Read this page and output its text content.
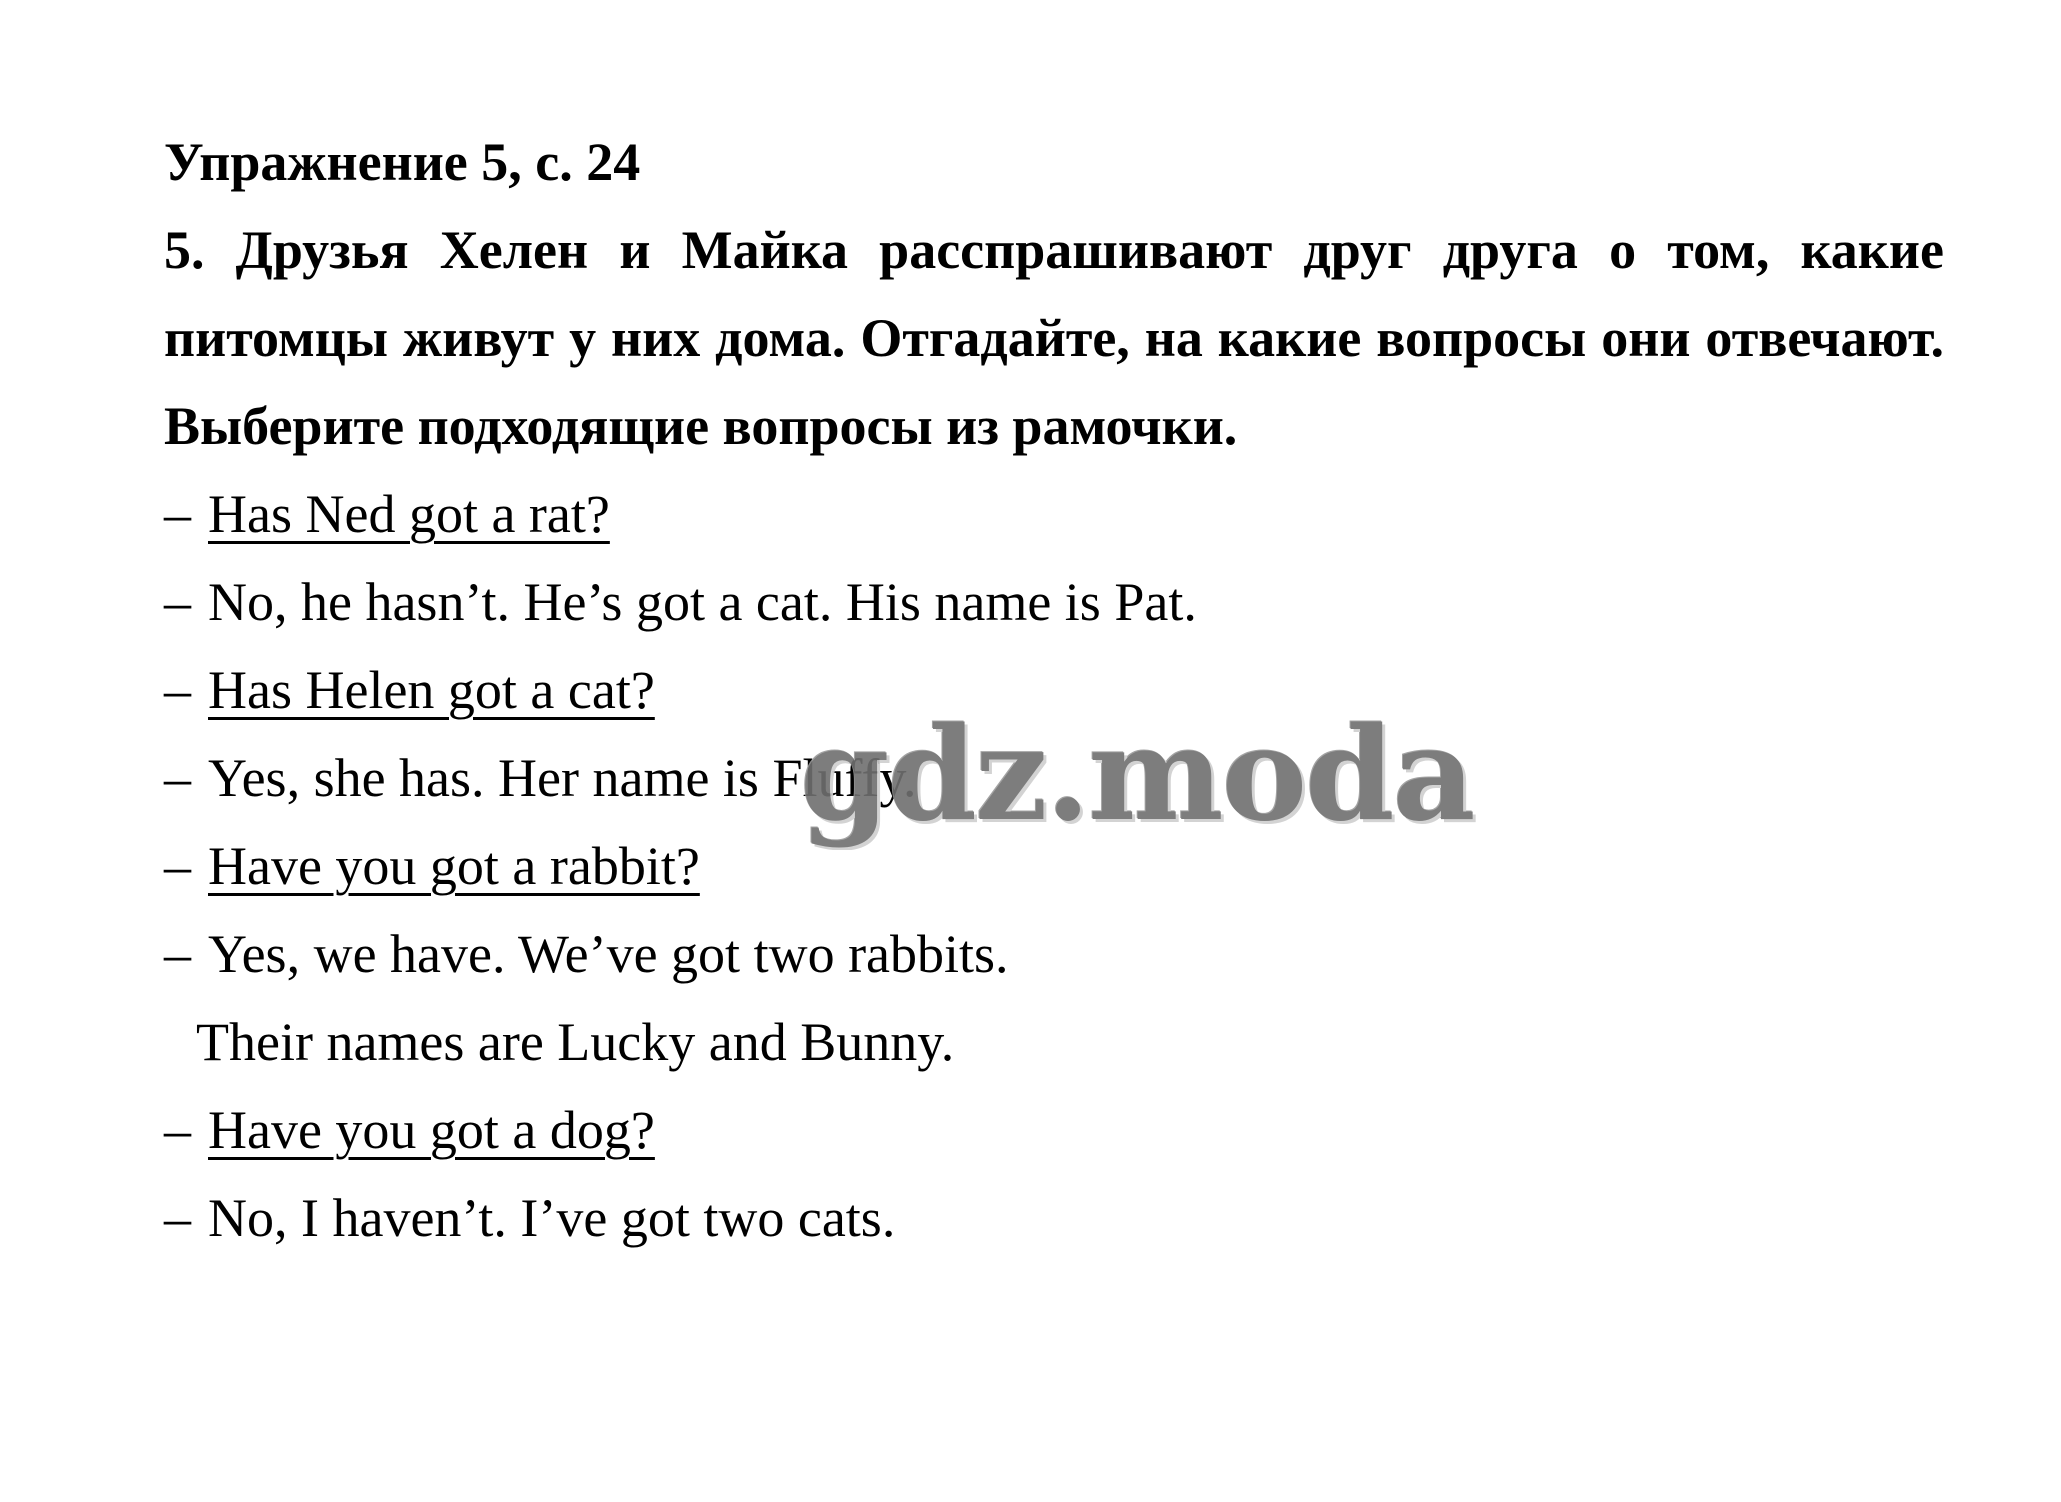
Упражнение 5, с. 24

5. Друзья Хелен и Майка расспрашивают друг друга о том, какие питомцы живут у них дома. Отгадайте, на какие вопросы они отвечают. Выберите подходящие вопросы из рамочки.

– Has Ned got a rat?
– No, he hasn’t. He’s got a cat. His name is Pat.
– Has Helen got a cat?
– Yes, she has. Her name is Fluffy.
– Have you got a rabbit?
– Yes, we have. We’ve got two rabbits.
Their names are Lucky and Bunny.
– Have you got a dog?
– No, I haven’t. I’ve got two cats.
gdz.moda
